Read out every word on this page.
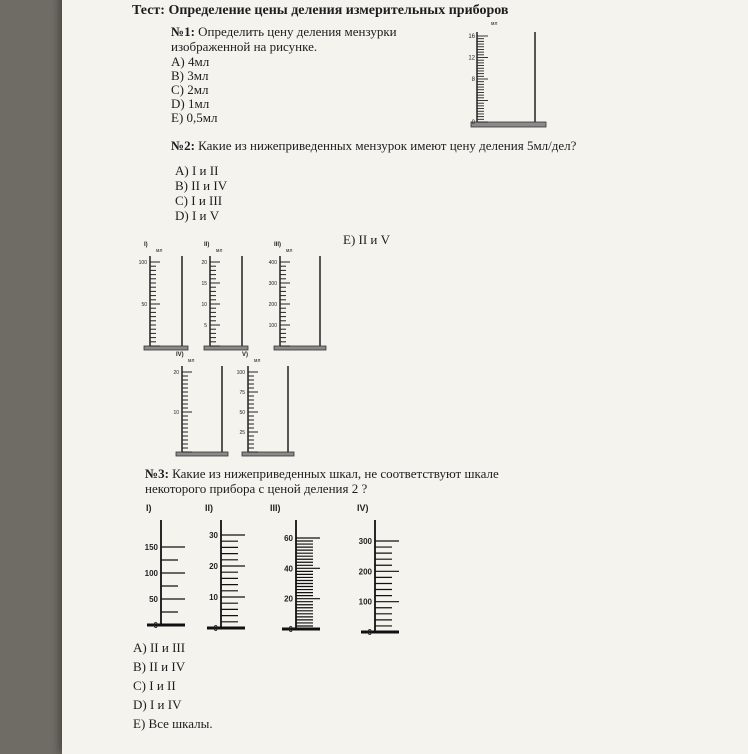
Тест: Определение цены деления измерительных приборов
№1: Определить цену деления мензурки
изображенной на рисунке.
A) 4мл
B) 3мл
C) 2мл
D) 1мл
E) 0,5мл
мл
16
12
8
0
№2: Какие из нижеприведенных мензурок имеют цену деления 5мл/дел?
A) I и II
B) II и IV
C) I и III
D) I и V
E) II и V
I)
мл
100
50
II)
мл
20
15
10
5
III)
мл
400
300
200
100
IV)
мл
20
10
V)
мл
100
75
50
25
№3: Какие из нижеприведенных шкал, не соответствуют шкале
некоторого прибора с ценой деления 2 ?
I)
150
100
50
0
II)
30
20
10
0
III)
60
40
20
0
IV)
300
200
100
0
A) II и III
B) II и IV
C) I и II
D) I и IV
E) Все шкалы.
